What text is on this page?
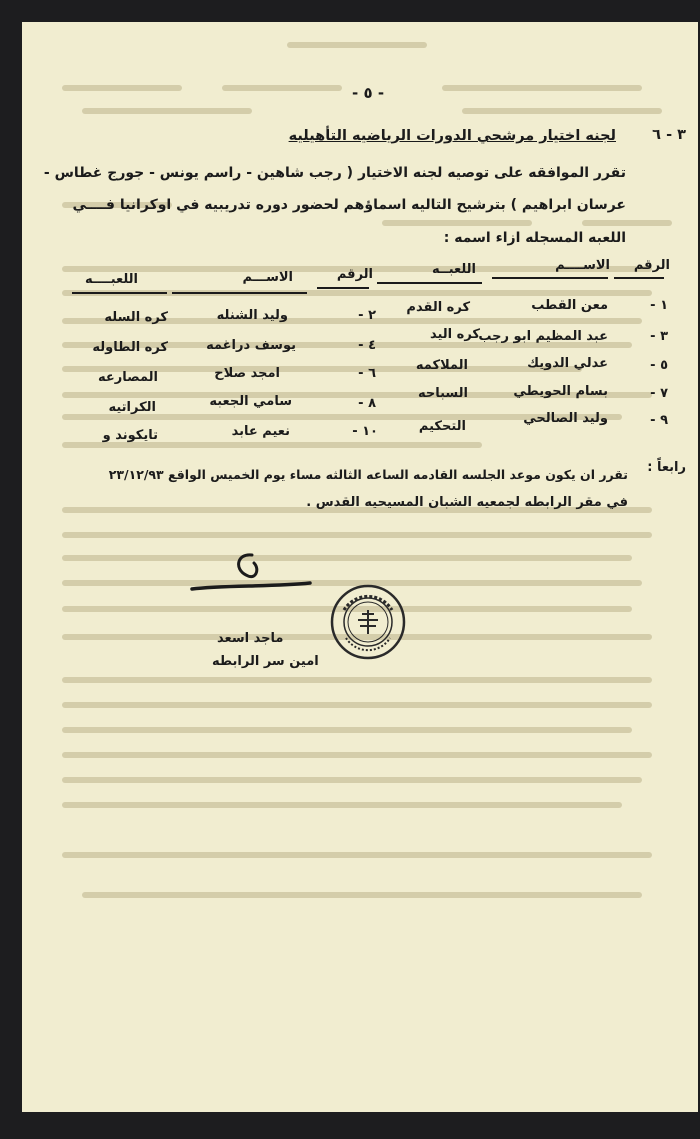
- ٥ -
٣ - ٦
لجنه اختيار مرشحي الدورات الرياضيه التأهيليه
تقرر الموافقه على توصيه لجنه الاختيار ( رجب شاهين - راسم يونس - جورج غطاس -
عرسان ابراهيم ) بترشيح التاليه اسماؤهم لحضور دوره تدريبيه في اوكرانيا فــــي
اللعبه المسجله ازاء اسمه :
الرقم
الاســــم
اللعبــه
الرقم
الاســـم
اللعبــــه
١ -
معن القطب
كره القدم
٣ -
عبد المظيم ابو رجب
كره اليد
٥ -
عدلي الدويك
الملاكمه
٧ -
بسام الحويطي
السباحه
٩ -
وليد الصالحي
التحكيم
٢ -
وليد الشنله
كره السله
٤ -
يوسف دراغمه
كره الطاوله
٦ -
امجد صلاح
المصارعه
٨ -
سامي الجعبه
الكراتيه
١٠ -
نعيم عابد
تايكوند و
رابعاً :
تقرر ان يكون موعد الجلسه القادمه الساعه الثالثه مساء يوم الخميس الواقع ٢٣/١٢/٩٣
في مقر الرابطه لجمعيه الشبان المسيحيه القدس .
ماجد اسعد
امين سر الرابطه
